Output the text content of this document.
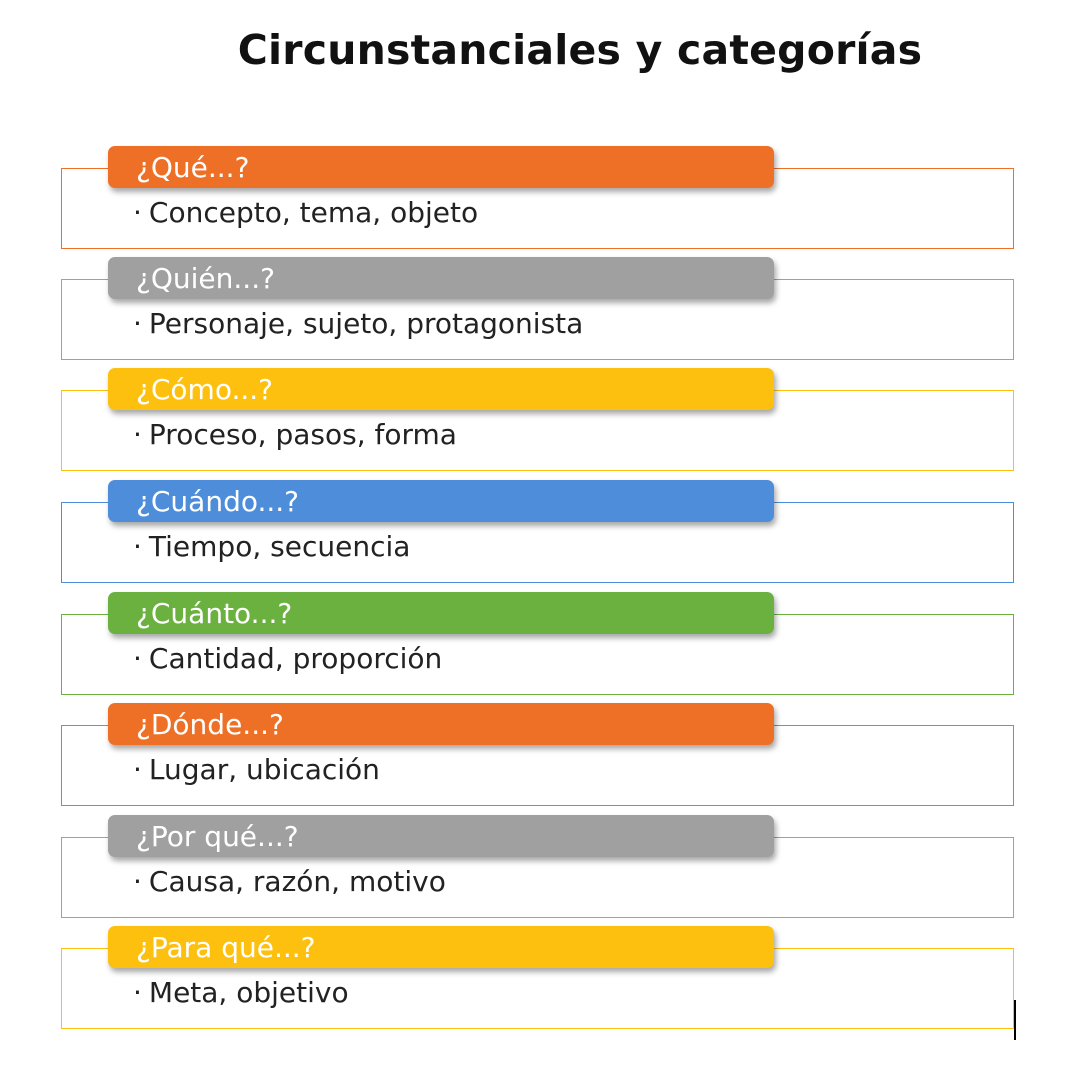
Circunstanciales y categorías
¿Qué...?
· Concepto, tema, objeto
¿Quién...?
· Personaje, sujeto, protagonista
¿Cómo...?
· Proceso, pasos, forma
¿Cuándo...?
· Tiempo, secuencia
¿Cuánto...?
· Cantidad, proporción
¿Dónde...?
· Lugar, ubicación
¿Por qué...?
· Causa, razón, motivo
¿Para qué...?
· Meta, objetivo
